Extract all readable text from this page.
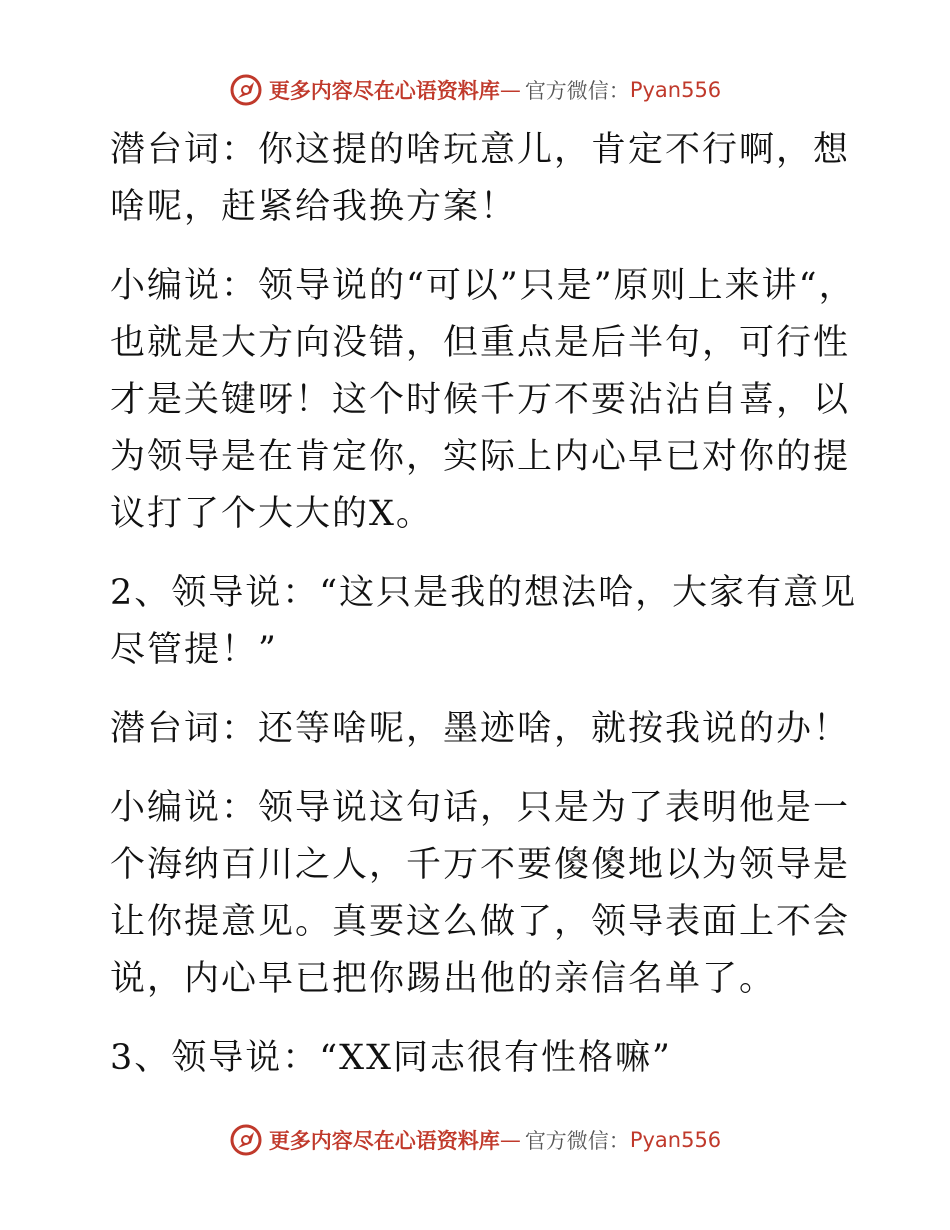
更多内容尽在心语资料库 — 官方微信： Pyan556

潜台词：你这提的啥玩意儿，肯定不行啊，想啥呢，赶紧给我换方案！

小编说：领导说的“可以”只是”原则上来讲“，也就是大方向没错，但重点是后半句，可行性才是关键呀！这个时候千万不要沾沾自喜，以为领导是在肯定你，实际上内心早已对你的提议打了个大大的X。

2、领导说：“这只是我的想法哈，大家有意见尽管提！”

潜台词：还等啥呢，墨迹啥，就按我说的办！

小编说：领导说这句话，只是为了表明他是一个海纳百川之人，千万不要傻傻地以为领导是让你提意见。真要这么做了，领导表面上不会说，内心早已把你踢出他的亲信名单了。

3、领导说：“XX同志很有性格嘛”

更多内容尽在心语资料库 — 官方微信： Pyan556
